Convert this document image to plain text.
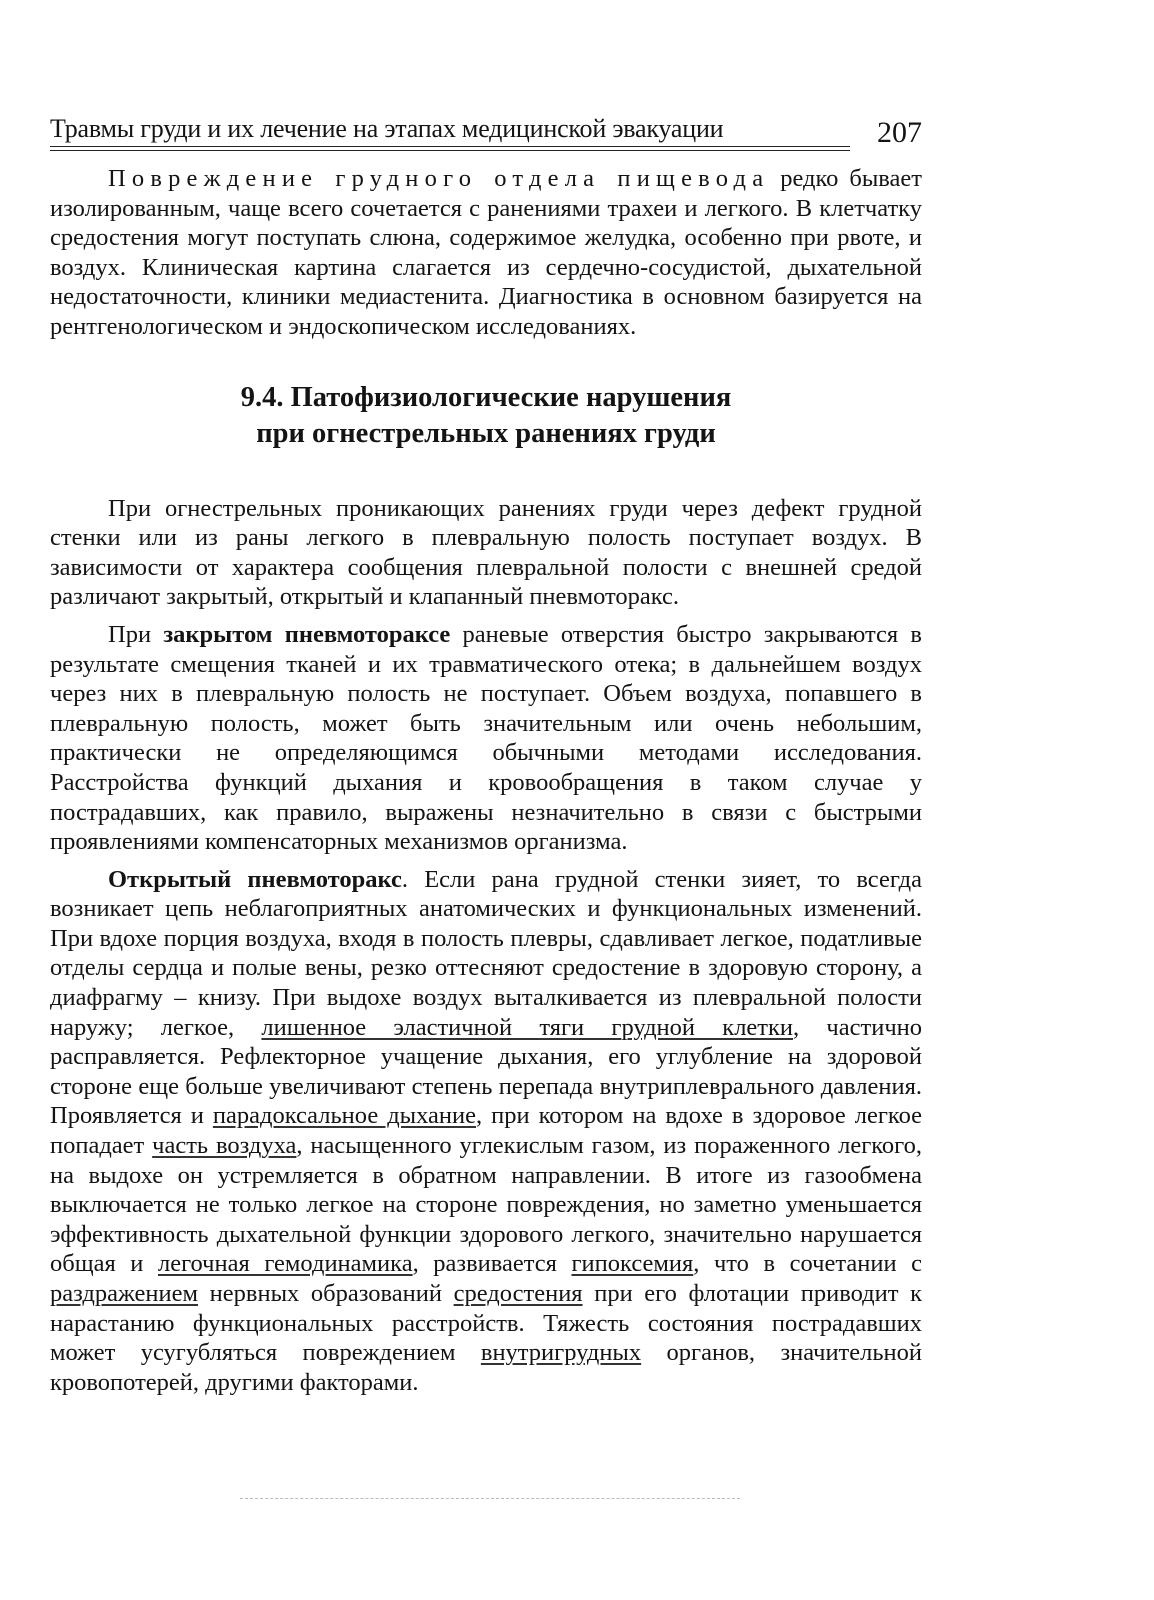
Травмы груди и их лечение на этапах медицинской эвакуации	207

Повреждение грудного отдела пищевода редко бывает изолированным, чаще всего сочетается с ранениями трахеи и легкого. В клетчатку средостения могут поступать слюна, содержимое желудка, особенно при рвоте, и воздух. Клиническая картина слагается из сердечно-сосудистой, дыхательной недостаточности, клиники медиастенита. Диагностика в основном базируется на рентгенологическом и эндоскопическом исследованиях.

9.4. Патофизиологические нарушения
при огнестрельных ранениях груди

При огнестрельных проникающих ранениях груди через дефект грудной стенки или из раны легкого в плевральную полость поступает воздух. В зависимости от характера сообщения плевральной полости с внешней средой различают закрытый, открытый и клапанный пневмоторакс.

При закрытом пневмотораксе раневые отверстия быстро закрываются в результате смещения тканей и их травматического отека; в дальнейшем воздух через них в плевральную полость не поступает. Объем воздуха, попавшего в плевральную полость, может быть значительным или очень небольшим, практически не определяющимся обычными методами исследования. Расстройства функций дыхания и кровообращения в таком случае у пострадавших, как правило, выражены незначительно в связи с быстрыми проявлениями компенсаторных механизмов организма.

Открытый пневмоторакс. Если рана грудной стенки зияет, то всегда возникает цепь неблагоприятных анатомических и функциональных изменений. При вдохе порция воздуха, входя в полость плевры, сдавливает легкое, податливые отделы сердца и полые вены, резко оттесняют средостение в здоровую сторону, а диафрагму – книзу. При выдохе воздух выталкивается из плевральной полости наружу; легкое, лишенное эластичной тяги грудной клетки, частично расправляется. Рефлекторное учащение дыхания, его углубление на здоровой стороне еще больше увеличивают степень перепада внутриплеврального давления. Проявляется и парадоксальное дыхание, при котором на вдохе в здоровое легкое попадает часть воздуха, насыщенного углекислым газом, из пораженного легкого, на выдохе он устремляется в обратном направлении. В итоге из газообмена выключается не только легкое на стороне повреждения, но заметно уменьшается эффективность дыхательной функции здорового легкого, значительно нарушается общая и легочная гемодинамика, развивается гипоксемия, что в сочетании с раздражением нервных образований средостения при его флотации приводит к нарастанию функциональных расстройств. Тяжесть состояния пострадавших может усугубляться повреждением внутригрудных органов, значительной кровопотерей, другими факторами.
